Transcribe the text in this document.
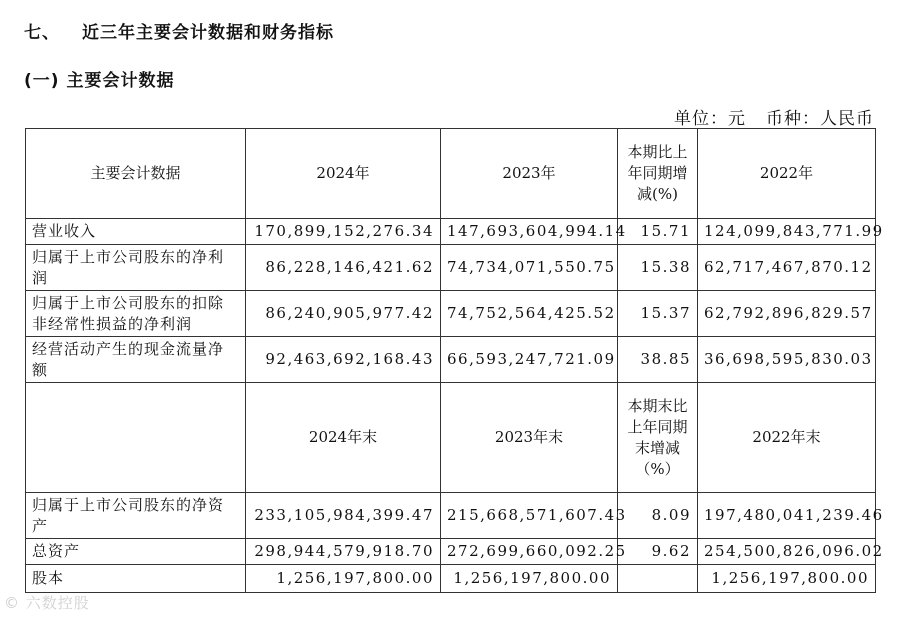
七、 近三年主要会计数据和财务指标
(一) 主要会计数据
单位：元 币种：人民币
主要会计数据	2024年	2023年	本期比上年同期增减(%)	2022年
营业收入	170,899,152,276.34	147,693,604,994.14	15.71	124,099,843,771.99
归属于上市公司股东的净利润	86,228,146,421.62	74,734,071,550.75	15.38	62,717,467,870.12
归属于上市公司股东的扣除非经常性损益的净利润	86,240,905,977.42	74,752,564,425.52	15.37	62,792,896,829.57
经营活动产生的现金流量净额	92,463,692,168.43	66,593,247,721.09	38.85	36,698,595,830.03
	2024年末	2023年末	本期末比上年同期末增减（%）	2022年末
归属于上市公司股东的净资产	233,105,984,399.47	215,668,571,607.43	8.09	197,480,041,239.46
总资产	298,944,579,918.70	272,699,660,092.25	9.62	254,500,826,096.02
股本	1,256,197,800.00	1,256,197,800.00		1,256,197,800.00
© 六数控股
